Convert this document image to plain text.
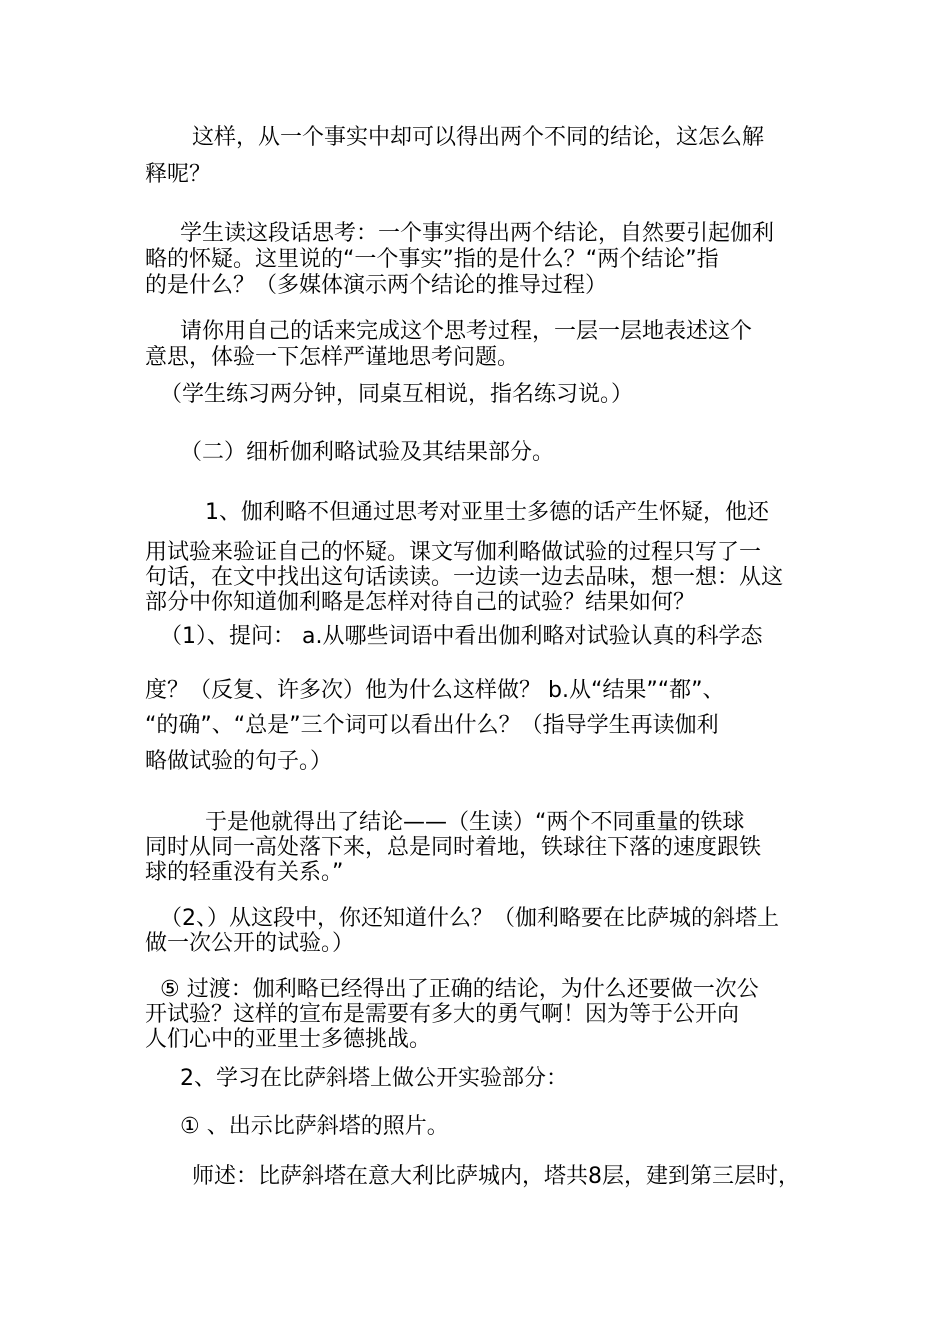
这样，从一个事实中却可以得出两个不同的结论，这怎么解
释呢？
学生读这段话思考：一个事实得出两个结论，自然要引起伽利
略的怀疑。这里说的“一个事实”指的是什么？“两个结论”指
的是什么？（多媒体演示两个结论的推导过程）
请你用自己的话来完成这个思考过程，一层一层地表述这个
意思，体验一下怎样严谨地思考问题。
（学生练习两分钟，同桌互相说，指名练习说。）
（二）细析伽利略试验及其结果部分。
1、伽利略不但通过思考对亚里士多德的话产生怀疑，他还
用试验来验证自己的怀疑。课文写伽利略做试验的过程只写了一
句话，在文中找出这句话读读。一边读一边去品味，想一想：从这
部分中你知道伽利略是怎样对待自己的试验？结果如何？
（1）、提问： a.从哪些词语中看出伽利略对试验认真的科学态
度？（反复、许多次）他为什么这样做？ b.从“结果”“都”、
“的确”、“总是”三个词可以看出什么？（指导学生再读伽利
略做试验的句子。）
于是他就得出了结论——（生读）“两个不同重量的铁球
同时从同一高处落下来，总是同时着地，铁球往下落的速度跟铁
球的轻重没有关系。”
（2、）从这段中，你还知道什么？（伽利略要在比萨城的斜塔上
做一次公开的试验。）
⑤ 过渡：伽利略已经得出了正确的结论，为什么还要做一次公
开试验？这样的宣布是需要有多大的勇气啊！因为等于公开向
人们心中的亚里士多德挑战。
2、学习在比萨斜塔上做公开实验部分：
① 、出示比萨斜塔的照片。
师述：比萨斜塔在意大利比萨城内，塔共8层，建到第三层时，
